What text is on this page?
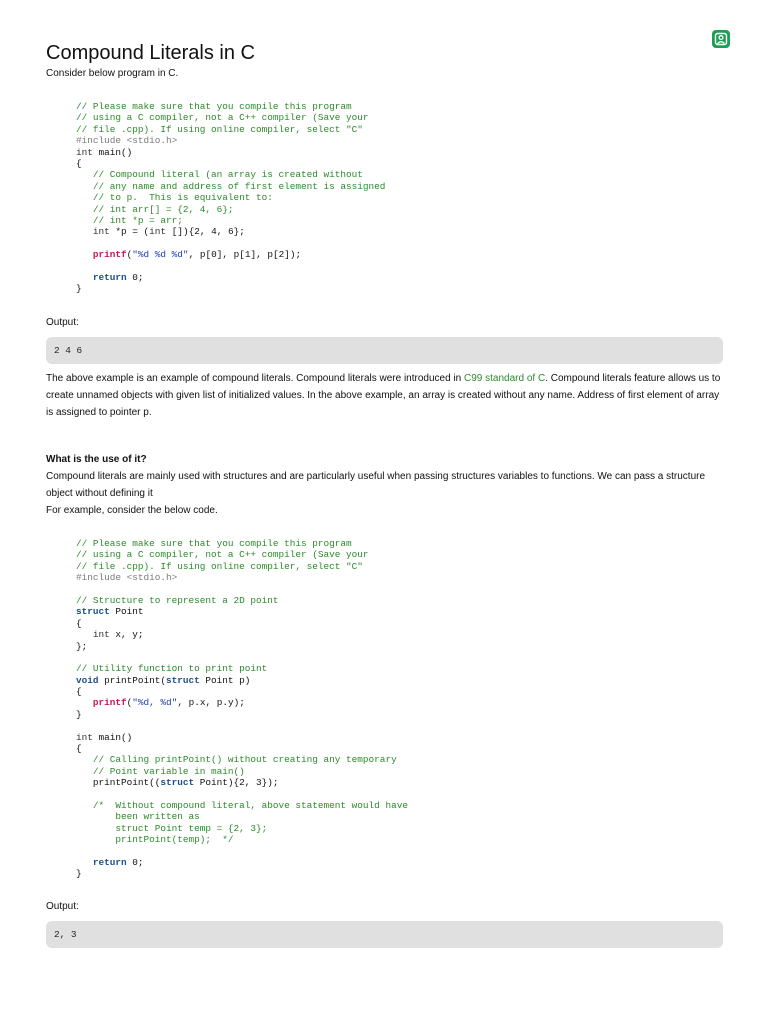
Compound Literals in C
Consider below program in C.
// Please make sure that you compile this program
// using a C compiler, not a C++ compiler (Save your
// file .cpp). If using online compiler, select "C"
#include <stdio.h>
int main()
{
// Compound literal (an array is created without
// any name and address of first element is assigned
// to p.  This is equivalent to:
// int arr[] = {2, 4, 6};
// int *p = arr;
int *p = (int []){2, 4, 6};
printf("%d %d %d", p[0], p[1], p[2]);
return 0;
}
Output:
2 4 6
The above example is an example of compound literals. Compound literals were introduced in C99 standard of C. Compound literals feature allows us to create unnamed objects with given list of initialized values. In the above example, an array is created without any name. Address of first element of array is assigned to pointer p.
What is the use of it?
Compound literals are mainly used with structures and are particularly useful when passing structures variables to functions. We can pass a structure object without defining it
For example, consider the below code.
// Please make sure that you compile this program
// using a C compiler, not a C++ compiler (Save your
// file .cpp). If using online compiler, select "C"
#include <stdio.h>
// Structure to represent a 2D point
struct Point
{
int x, y;
};
// Utility function to print point
void printPoint(struct Point p)
{
printf("%d, %d", p.x, p.y);
}
int main()
{
// Calling printPoint() without creating any temporary
// Point variable in main()
printPoint((struct Point){2, 3});
/*  Without compound literal, above statement would have
been written as
struct Point temp = {2, 3};
printPoint(temp);  */
return 0;
}
Output:
2, 3
